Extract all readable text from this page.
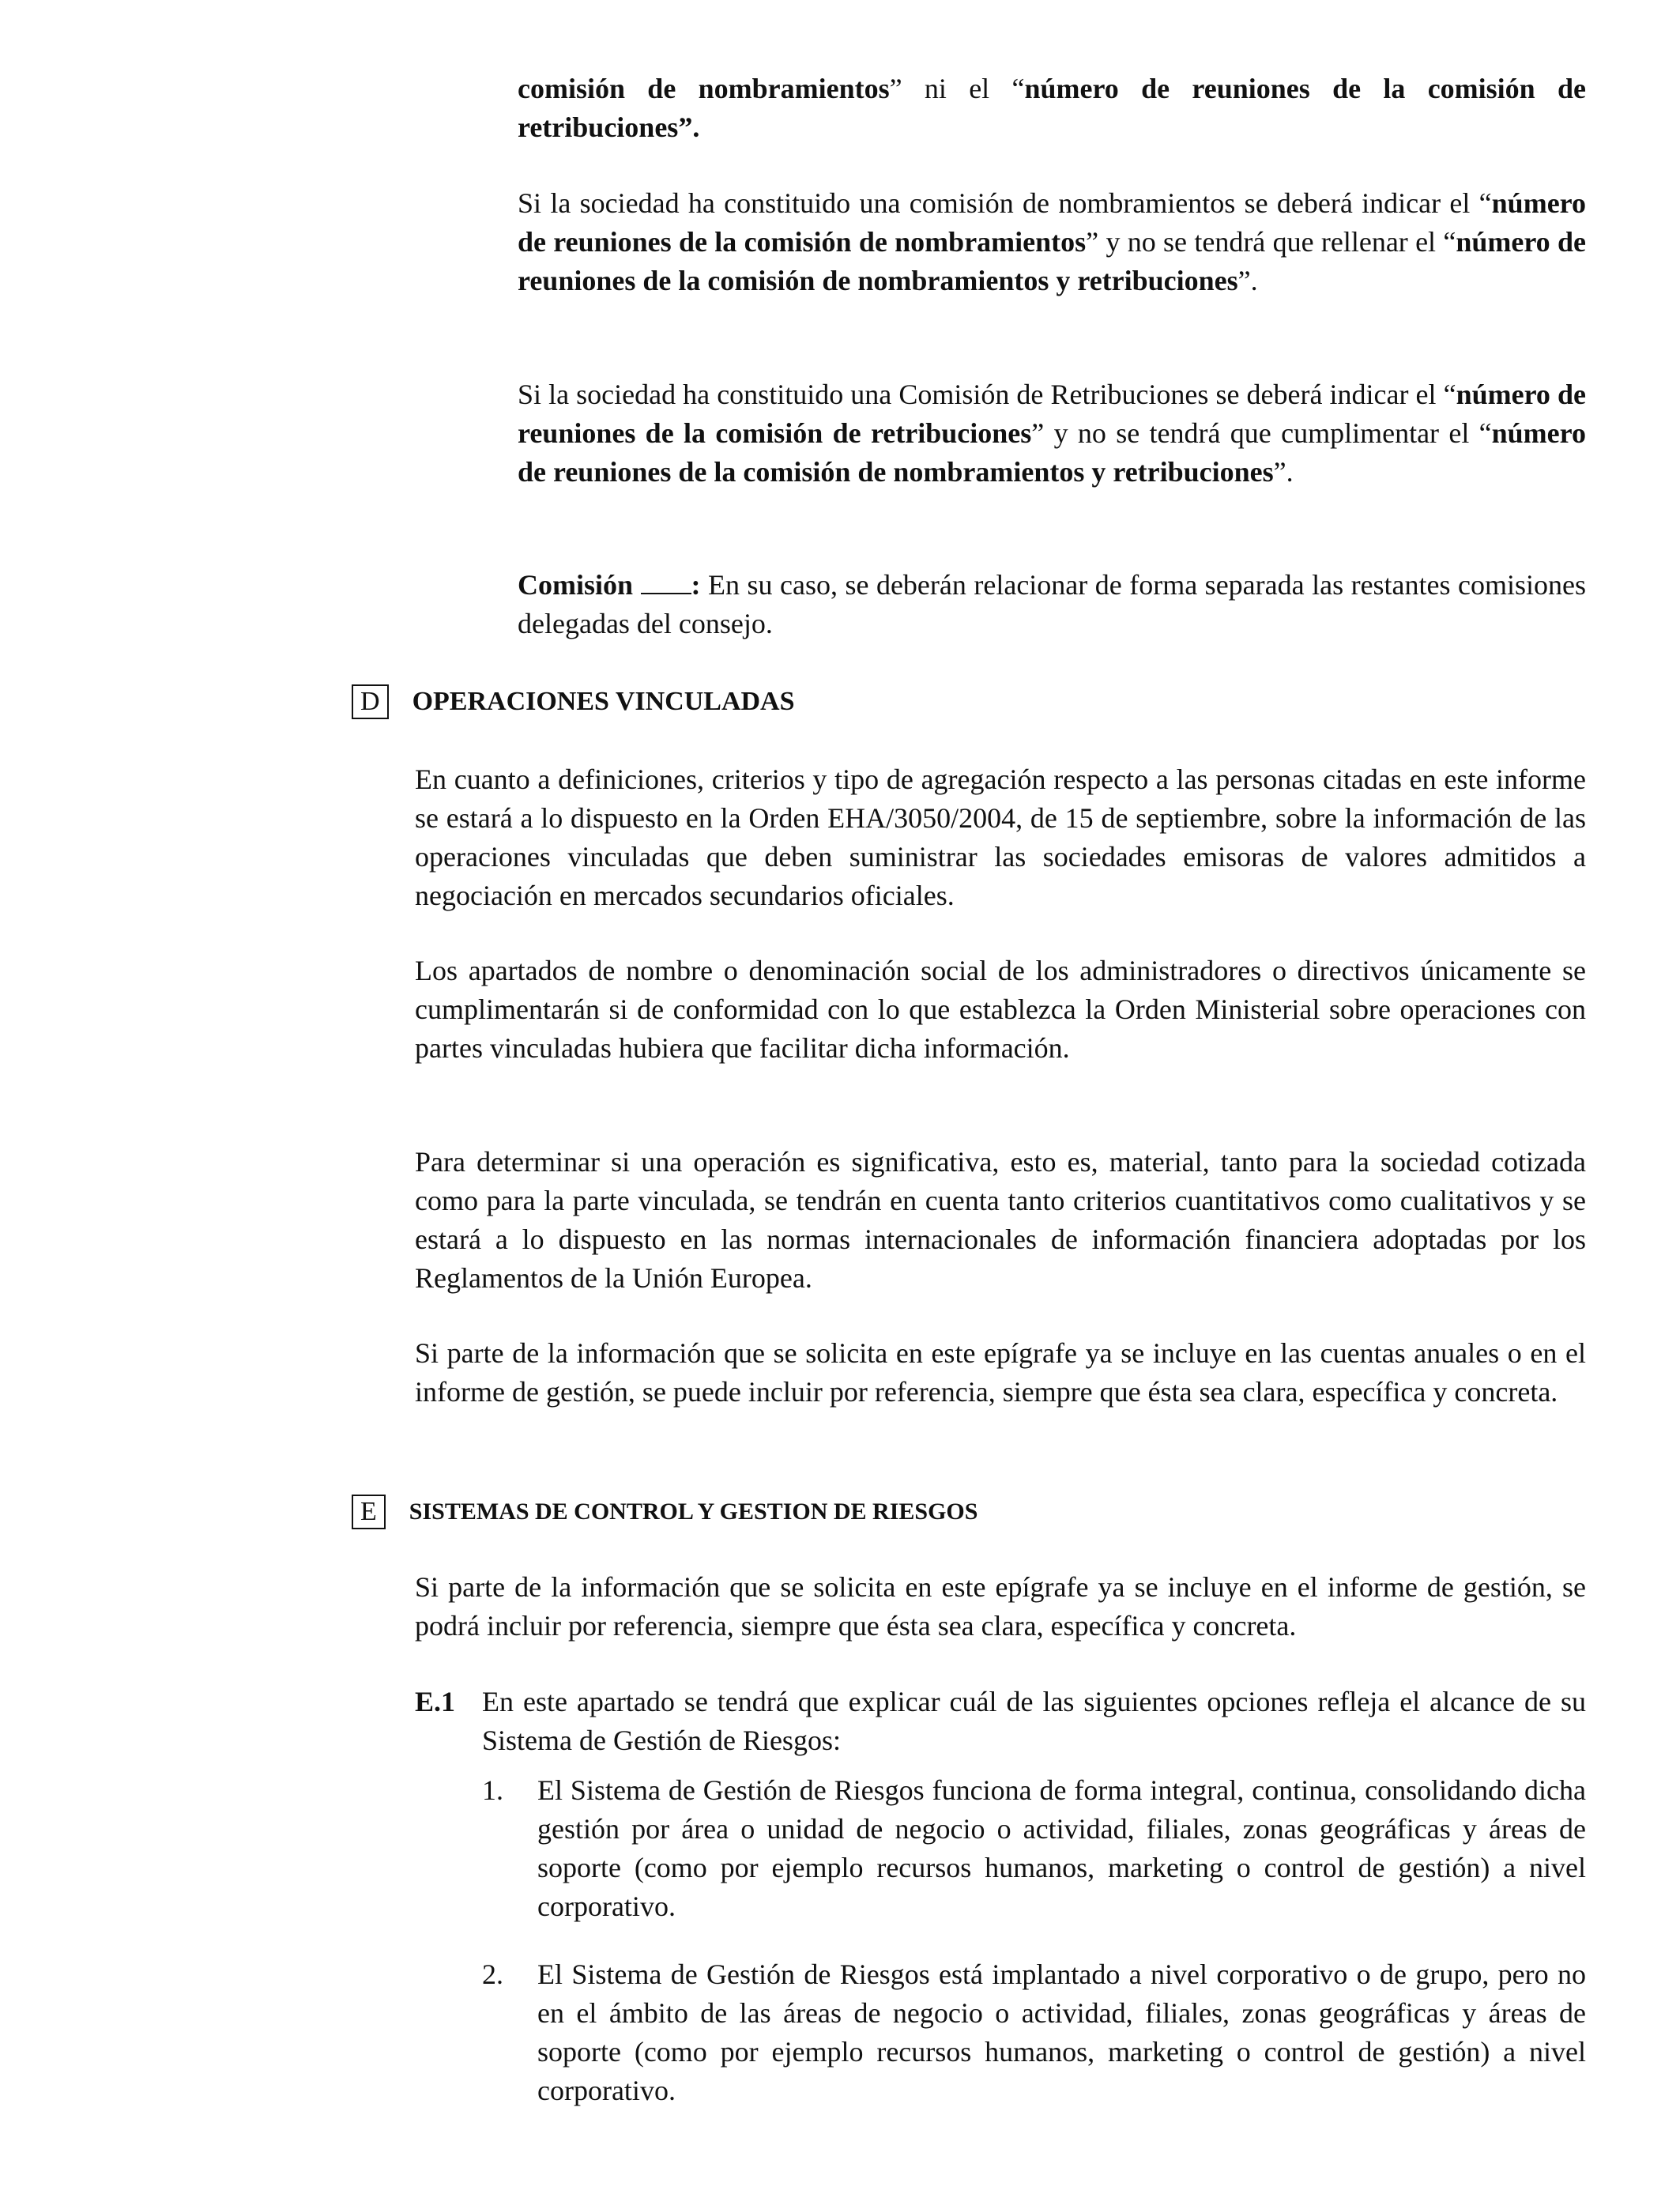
comisión de nombramientos” ni el “número de reuniones de la comisión de retribuciones”.

Si la sociedad ha constituido una comisión de nombramientos se deberá indicar el “número de reuniones de la comisión de nombramientos” y no se tendrá que rellenar el “número de reuniones de la comisión de nombramientos y retribuciones”.

Si la sociedad ha constituido una Comisión de Retribuciones se deberá indicar el “número de reuniones de la comisión de retribuciones” y no se tendrá que cumplimentar el “número de reuniones de la comisión de nombramientos y retribuciones”.

Comisión : En su caso, se deberán relacionar de forma separada las restantes comisiones delegadas del consejo.

D	OPERACIONES VINCULADAS

En cuanto a definiciones, criterios y tipo de agregación respecto a las personas citadas en este informe se estará a lo dispuesto en la Orden EHA/3050/2004, de 15 de septiembre, sobre la información de las operaciones vinculadas que deben suministrar las sociedades emisoras de valores admitidos a negociación en mercados secundarios oficiales.

Los apartados de nombre o denominación social de los administradores o directivos únicamente se cumplimentarán si de conformidad con lo que establezca la Orden Ministerial sobre operaciones con partes vinculadas hubiera que facilitar dicha información.

Para determinar si una operación es significativa, esto es, material, tanto para la sociedad cotizada como para la parte vinculada, se tendrán en cuenta tanto criterios cuantitativos como cualitativos y se estará a lo dispuesto en las normas internacionales de información financiera adoptadas por los Reglamentos de la Unión Europea.

Si parte de la información que se solicita en este epígrafe ya se incluye en las cuentas anuales o en el informe de gestión, se puede incluir por referencia, siempre que ésta sea clara, específica y concreta.

E	SISTEMAS DE CONTROL Y GESTION DE RIESGOS

Si parte de la información que se solicita en este epígrafe ya se incluye en el informe de gestión, se podrá incluir por referencia, siempre que ésta sea clara, específica y concreta.

E.1 En este apartado se tendrá que explicar cuál de las siguientes opciones refleja el alcance de su Sistema de Gestión de Riesgos:
1.	El Sistema de Gestión de Riesgos funciona de forma integral, continua, consolidando dicha gestión por área o unidad de negocio o actividad, filiales, zonas geográficas y áreas de soporte (como por ejemplo recursos humanos, marketing o control de gestión) a nivel corporativo.
2.	El Sistema de Gestión de Riesgos está implantado a nivel corporativo o de grupo, pero no en el ámbito de las áreas de negocio o actividad, filiales, zonas geográficas y áreas de soporte (como por ejemplo recursos humanos, marketing o control de gestión) a nivel corporativo.
